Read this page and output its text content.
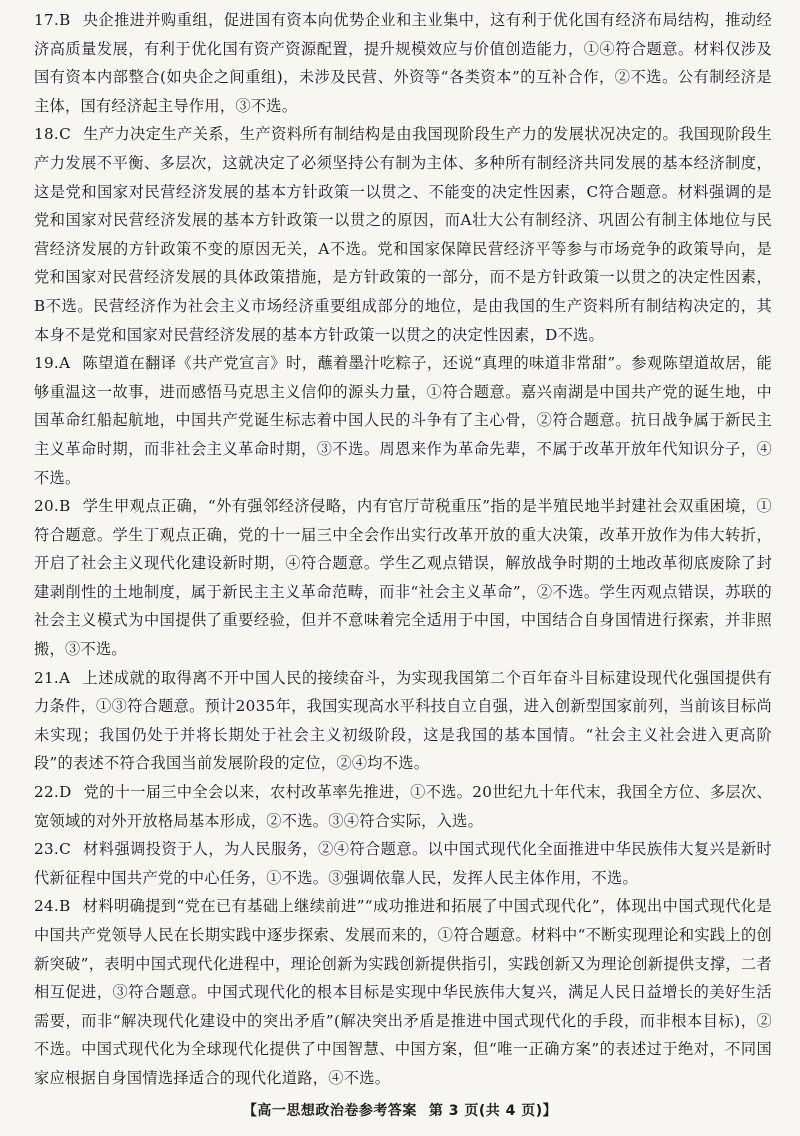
17.B 央企推进并购重组，促进国有资本向优势企业和主业集中，这有利于优化国有经济布局结构，推动经济高质量发展，有利于优化国有资产资源配置，提升规模效应与价值创造能力，①④符合题意。材料仅涉及国有资本内部整合(如央企之间重组)，未涉及民营、外资等“各类资本”的互补合作，②不选。公有制经济是主体，国有经济起主导作用，③不选。

18.C 生产力决定生产关系，生产资料所有制结构是由我国现阶段生产力的发展状况决定的。我国现阶段生产力发展不平衡、多层次，这就决定了必须坚持公有制为主体、多种所有制经济共同发展的基本经济制度，这是党和国家对民营经济发展的基本方针政策一以贯之、不能变的决定性因素，C符合题意。材料强调的是党和国家对民营经济发展的基本方针政策一以贯之的原因，而A壮大公有制经济、巩固公有制主体地位与民营经济发展的方针政策不变的原因无关，A不选。党和国家保障民营经济平等参与市场竞争的政策导向，是党和国家对民营经济发展的具体政策措施，是方针政策的一部分，而不是方针政策一以贯之的决定性因素，B不选。民营经济作为社会主义市场经济重要组成部分的地位，是由我国的生产资料所有制结构决定的，其本身不是党和国家对民营经济发展的基本方针政策一以贯之的决定性因素，D不选。

19.A 陈望道在翻译《共产党宣言》时，蘸着墨汁吃粽子，还说“真理的味道非常甜”。参观陈望道故居，能够重温这一故事，进而感悟马克思主义信仰的源头力量，①符合题意。嘉兴南湖是中国共产党的诞生地，中国革命红船起航地，中国共产党诞生标志着中国人民的斗争有了主心骨，②符合题意。抗日战争属于新民主主义革命时期，而非社会主义革命时期，③不选。周恩来作为革命先辈，不属于改革开放年代知识分子，④不选。

20.B 学生甲观点正确，“外有强邻经济侵略，内有官厅苛税重压”指的是半殖民地半封建社会双重困境，①符合题意。学生丁观点正确，党的十一届三中全会作出实行改革开放的重大决策，改革开放作为伟大转折，开启了社会主义现代化建设新时期，④符合题意。学生乙观点错误，解放战争时期的土地改革彻底废除了封建剥削性的土地制度，属于新民主主义革命范畴，而非“社会主义革命”，②不选。学生丙观点错误，苏联的社会主义模式为中国提供了重要经验，但并不意味着完全适用于中国，中国结合自身国情进行探索，并非照搬，③不选。

21.A 上述成就的取得离不开中国人民的接续奋斗，为实现我国第二个百年奋斗目标建设现代化强国提供有力条件，①③符合题意。预计2035年，我国实现高水平科技自立自强，进入创新型国家前列，当前该目标尚未实现；我国仍处于并将长期处于社会主义初级阶段，这是我国的基本国情。“社会主义社会进入更高阶段”的表述不符合我国当前发展阶段的定位，②④均不选。

22.D 党的十一届三中全会以来，农村改革率先推进，①不选。20世纪九十年代末，我国全方位、多层次、宽领域的对外开放格局基本形成，②不选。③④符合实际，入选。

23.C 材料强调投资于人，为人民服务，②④符合题意。以中国式现代化全面推进中华民族伟大复兴是新时代新征程中国共产党的中心任务，①不选。③强调依靠人民，发挥人民主体作用，不选。

24.B 材料明确提到“党在已有基础上继续前进”“成功推进和拓展了中国式现代化”，体现出中国式现代化是中国共产党领导人民在长期实践中逐步探索、发展而来的，①符合题意。材料中“不断实现理论和实践上的创新突破”，表明中国式现代化进程中，理论创新为实践创新提供指引，实践创新又为理论创新提供支撑，二者相互促进，③符合题意。中国式现代化的根本目标是实现中华民族伟大复兴，满足人民日益增长的美好生活需要，而非“解决现代化建设中的突出矛盾”(解决突出矛盾是推进中国式现代化的手段，而非根本目标)，②不选。中国式现代化为全球现代化提供了中国智慧、中国方案，但“唯一正确方案”的表述过于绝对，不同国家应根据自身国情选择适合的现代化道路，④不选。

【高一思想政治卷参考答案 第 3 页(共 4 页)】
